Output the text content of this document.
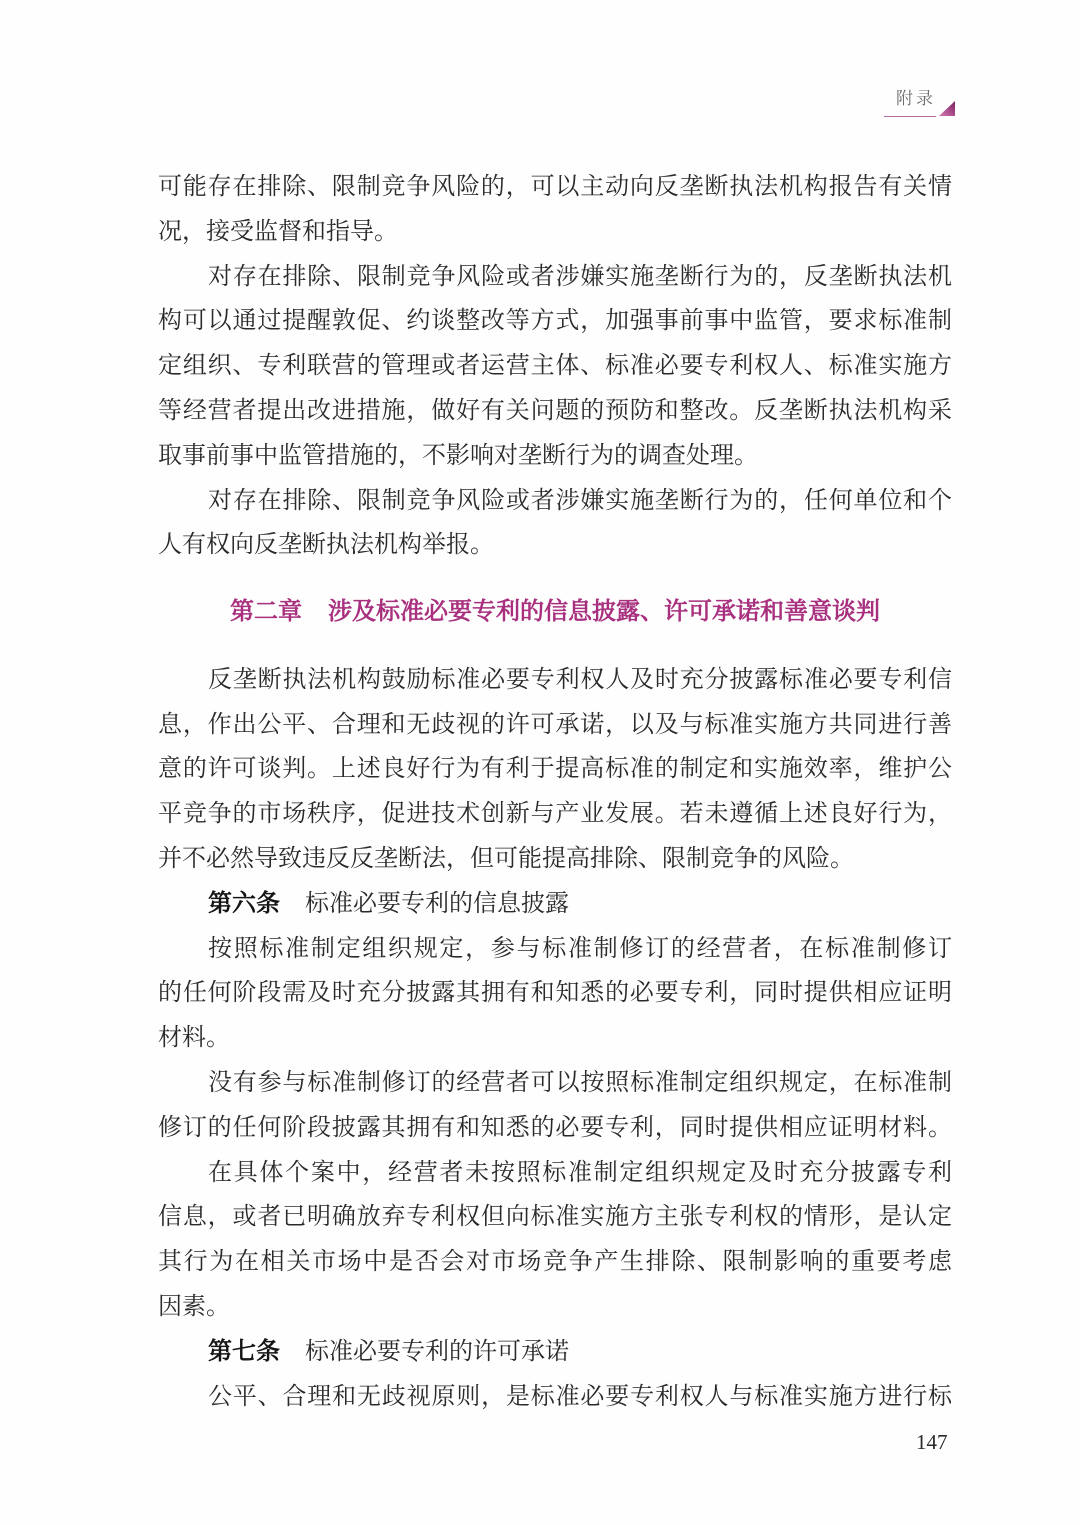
附录
可能存在排除、限制竞争风险的，可以主动向反垄断执法机构报告有关情
况，接受监督和指导。
对存在排除、限制竞争风险或者涉嫌实施垄断行为的，反垄断执法机
构可以通过提醒敦促、约谈整改等方式，加强事前事中监管，要求标准制
定组织、专利联营的管理或者运营主体、标准必要专利权人、标准实施方
等经营者提出改进措施，做好有关问题的预防和整改。反垄断执法机构采
取事前事中监管措施的，不影响对垄断行为的调查处理。
对存在排除、限制竞争风险或者涉嫌实施垄断行为的，任何单位和个
人有权向反垄断执法机构举报。
第二章 涉及标准必要专利的信息披露、许可承诺和善意谈判
反垄断执法机构鼓励标准必要专利权人及时充分披露标准必要专利信
息，作出公平、合理和无歧视的许可承诺，以及与标准实施方共同进行善
意的许可谈判。上述良好行为有利于提高标准的制定和实施效率，维护公
平竞争的市场秩序，促进技术创新与产业发展。若未遵循上述良好行为，
并不必然导致违反反垄断法，但可能提高排除、限制竞争的风险。
第六条 标准必要专利的信息披露
按照标准制定组织规定，参与标准制修订的经营者，在标准制修订
的任何阶段需及时充分披露其拥有和知悉的必要专利，同时提供相应证明
材料。
没有参与标准制修订的经营者可以按照标准制定组织规定，在标准制
修订的任何阶段披露其拥有和知悉的必要专利，同时提供相应证明材料。
在具体个案中，经营者未按照标准制定组织规定及时充分披露专利
信息，或者已明确放弃专利权但向标准实施方主张专利权的情形，是认定
其行为在相关市场中是否会对市场竞争产生排除、限制影响的重要考虑
因素。
第七条 标准必要专利的许可承诺
公平、合理和无歧视原则，是标准必要专利权人与标准实施方进行标
147
